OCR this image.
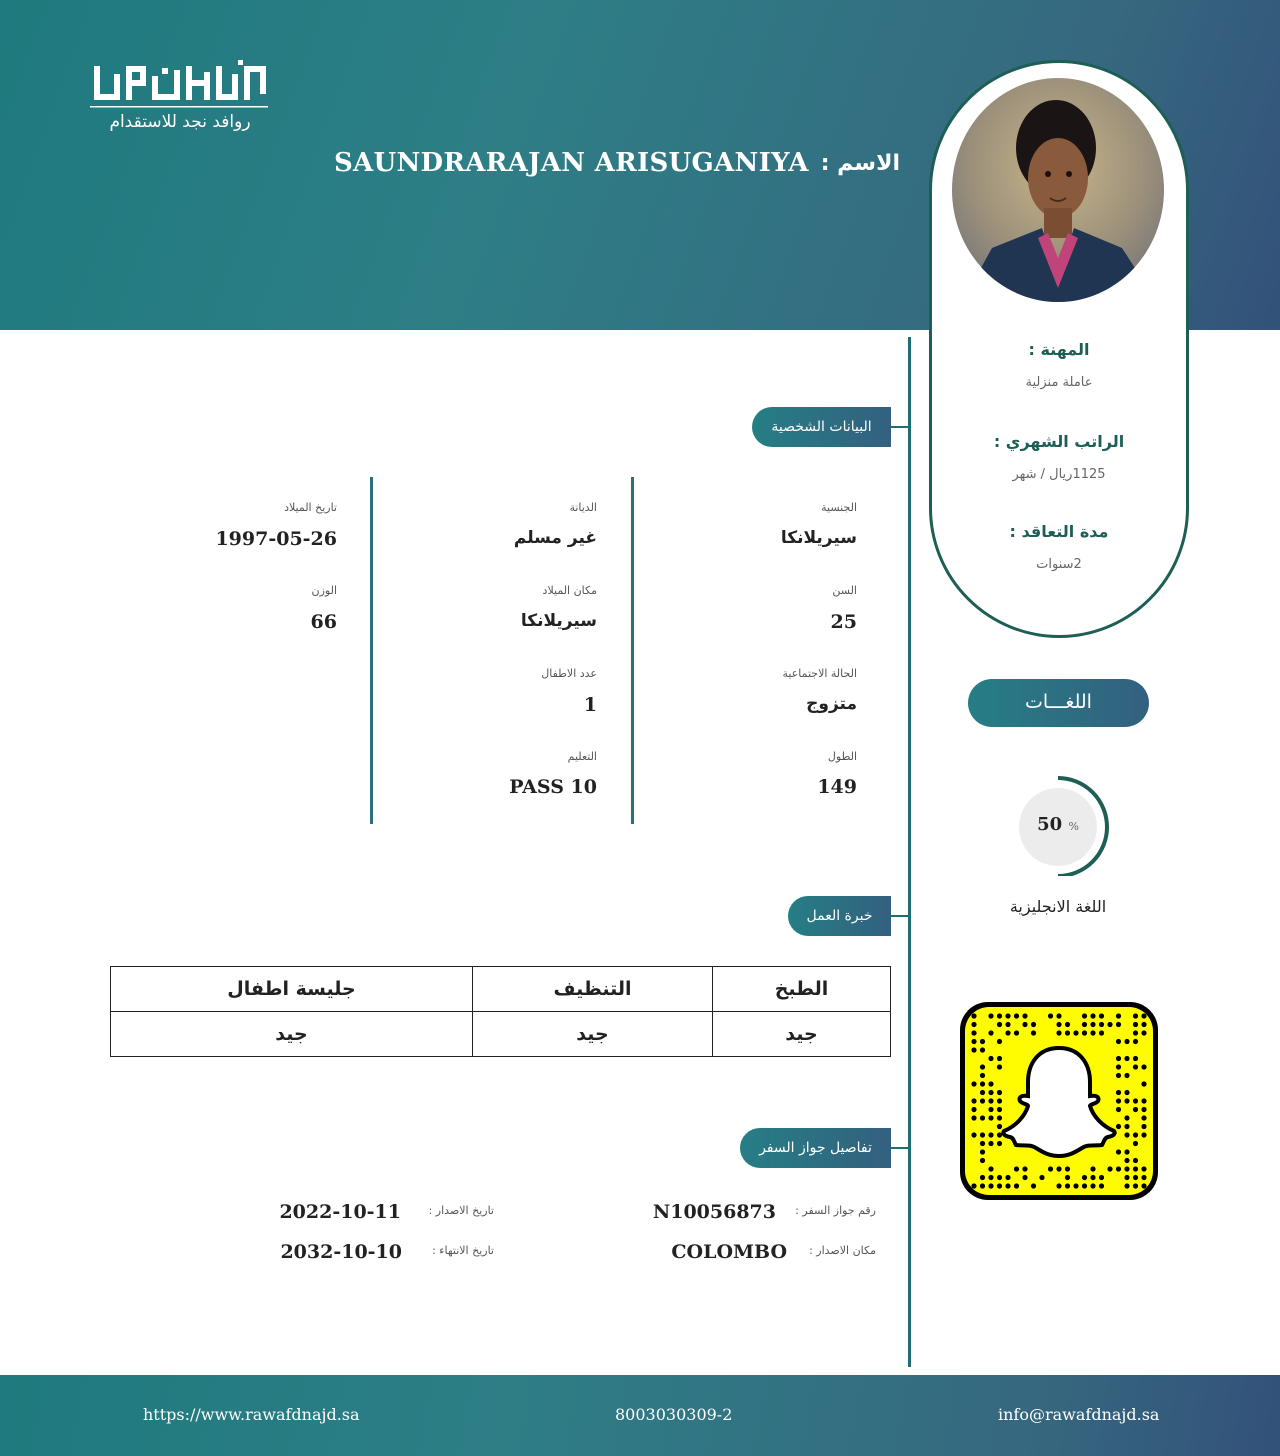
روافد نجد للاستقدام
الاسم :
SAUNDRARAJAN ARISUGANIYA
المهنة :
عاملة منزلية
الراتب الشهري :
1125ريال / شهر
مدة التعاقد :
2سنوات
اللغـــات
50 %
اللغة الانجليزية
البيانات الشخصية
خبرة العمل
تفاصيل جواز السفر
الجنسية
سيريلانكا
السن
25
الحالة الاجتماعية
متزوج
الطول
149
الديانة
غير مسلم
مكان الميلاد
سيريلانكا
عدد الاطفال
1
التعليم
PASS 10
تاريخ الميلاد
1997-05-26
الوزن
66
الطبخ	التنظيف	جليسة اطفال
جيد	جيد	جيد
رقم جواز السفر :
N10056873
مكان الاصدار :
COLOMBO
تاريخ الاصدار :
2022-10-11
تاريخ الانتهاء :
2032-10-10
https://www.rawafdnajd.sa	8003030309-2	info@rawafdnajd.sa
